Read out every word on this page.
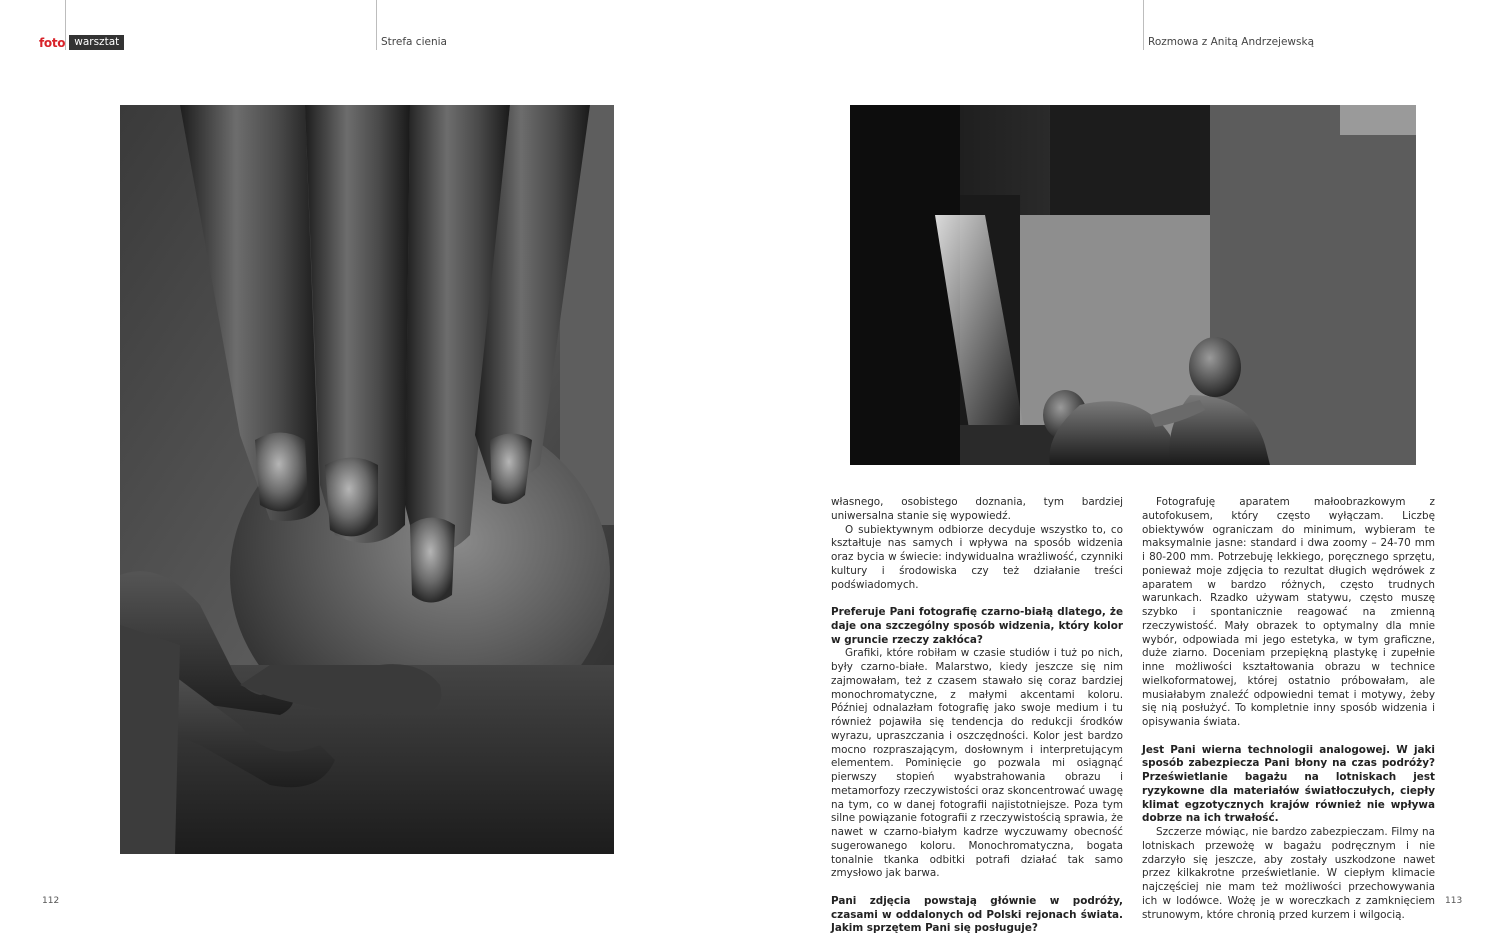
foto warsztat	Strefa cienia	Rozmowa z Anitą Andrzejewską

własnego, osobistego doznania, tym bardziej uniwersalna stanie się wypowiedź.

O subiektywnym odbiorze decyduje wszystko to, co kształtuje nas samych i wpływa na sposób widzenia oraz bycia w świecie: indywidualna wrażliwość, czynniki kultury i środowiska czy też działanie treści podświadomych.

Preferuje Pani fotografię czarno-białą dlatego, że daje ona szczególny sposób widzenia, który kolor w gruncie rzeczy zakłóca?

Grafiki, które robiłam w czasie studiów i tuż po nich, były czarno-białe. Malarstwo, kiedy jeszcze się nim zajmowałam, też z czasem stawało się coraz bardziej monochromatyczne, z małymi akcentami koloru. Później odnalazłam fotografię jako swoje medium i tu również pojawiła się tendencja do redukcji środków wyrazu, upraszczania i oszczędności. Kolor jest bardzo mocno rozpraszającym, dosłownym i interpretującym elementem. Pominięcie go pozwala mi osiągnąć pierwszy stopień wyabstrahowania obrazu i metamorfozy rzeczywistości oraz skoncentrować uwagę na tym, co w danej fotografii najistotniejsze. Poza tym silne powiązanie fotografii z rzeczywistością sprawia, że nawet w czarno-białym kadrze wyczuwamy obecność sugerowanego koloru. Monochromatyczna, bogata tonalnie tkanka odbitki potrafi działać tak samo zmysłowo jak barwa.

Pani zdjęcia powstają głównie w podróży, czasami w oddalonych od Polski rejonach świata. Jakim sprzętem Pani się posługuje?

Fotografuję aparatem małoobrazkowym z autofokusem, który często wyłączam. Liczbę obiektywów ograniczam do minimum, wybieram te maksymalnie jasne: standard i dwa zoomy – 24-70 mm i 80-200 mm. Potrzebuję lekkiego, poręcznego sprzętu, ponieważ moje zdjęcia to rezultat długich wędrówek z aparatem w bardzo różnych, często trudnych warunkach. Rzadko używam statywu, często muszę szybko i spontanicznie reagować na zmienną rzeczywistość. Mały obrazek to optymalny dla mnie wybór, odpowiada mi jego estetyka, w tym graficzne, duże ziarno. Doceniam przepiękną plastykę i zupełnie inne możliwości kształtowania obrazu w technice wielkoformatowej, której ostatnio próbowałam, ale musiałabym znaleźć odpowiedni temat i motywy, żeby się nią posłużyć. To kompletnie inny sposób widzenia i opisywania świata.

Jest Pani wierna technologii analogowej. W jaki sposób zabezpiecza Pani błony na czas podróży? Prześwietlanie bagażu na lotniskach jest ryzykowne dla materiałów światłoczułych, ciepły klimat egzotycznych krajów również nie wpływa dobrze na ich trwałość.

Szczerze mówiąc, nie bardzo zabezpieczam. Filmy na lotniskach przewożę w bagażu podręcznym i nie zdarzyło się jeszcze, aby zostały uszkodzone nawet przez kilkakrotne prześwietlanie. W ciepłym klimacie najczęściej nie mam też możliwości przechowywania ich w lodówce. Wożę je w woreczkach z zamknięciem strunowym, które chronią przed kurzem i wilgocią.

112	113
